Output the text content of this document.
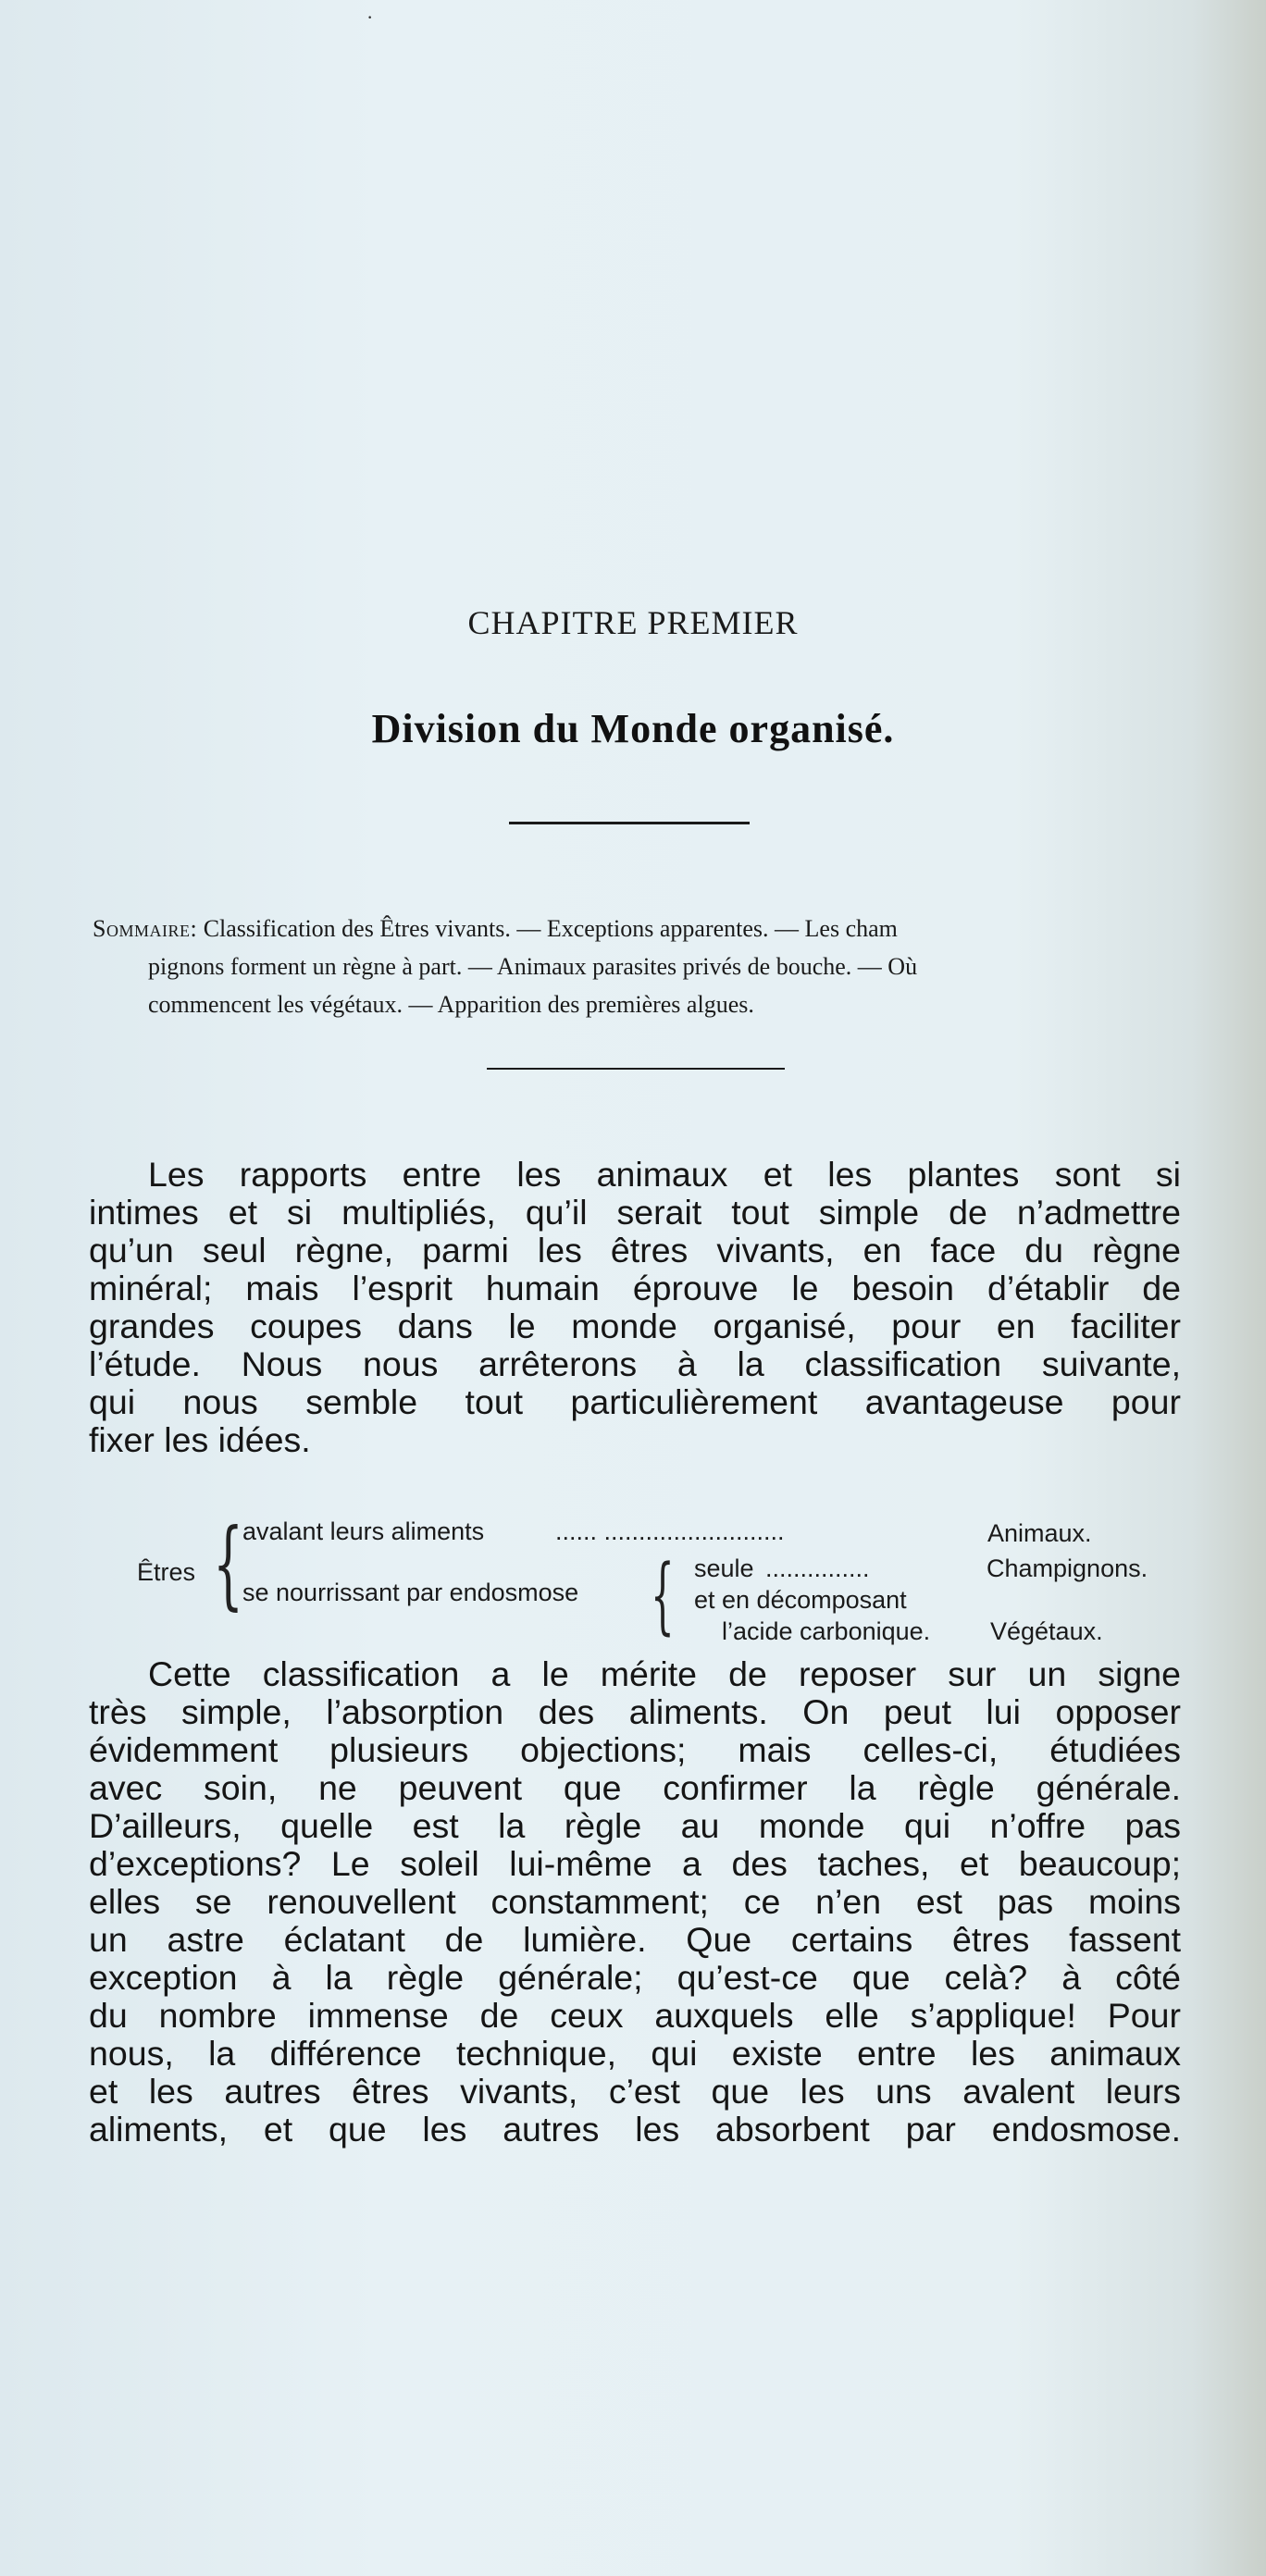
·
CHAPITRE PREMIER
Division du Monde organisé.

Sommaire: Classification des Êtres vivants. — Exceptions apparentes. — Les cham

pignons forment un règne à part. — Animaux parasites privés de bouche. — Où

commencent les végétaux. — Apparition des premières algues.

Les rapports entre les animaux et les plantes sont si
intimes et si multipliés, qu’il serait tout simple de n’admettre
qu’un seul règne, parmi les êtres vivants, en face du règne
minéral; mais l’esprit humain éprouve le besoin d’établir de
grandes coupes dans le monde organisé, pour en faciliter
l’étude. Nous nous arrêterons à la classification suivante,
qui nous semble tout particulièrement avantageuse pour
fixer les idées.
Êtres {
avalant leurs aliments	...... ..........................	Animaux.
se nourrissant par endosmose { seule ...............	Champignons.
et en décomposant
l’acide carbonique. Végétaux.
Cette classification a le mérite de reposer sur un signe
très simple, l’absorption des aliments. On peut lui opposer
évidemment plusieurs objections; mais celles-ci, étudiées
avec soin, ne peuvent que confirmer la règle générale.
D’ailleurs, quelle est la règle au monde qui n’offre pas
d’exceptions? Le soleil lui-même a des taches, et beaucoup;
elles se renouvellent constamment; ce n’en est pas moins
un astre éclatant de lumière. Que certains êtres fassent
exception à la règle générale; qu’est-ce que celà? à côté
du nombre immense de ceux auxquels elle s’applique! Pour
nous, la différence technique, qui existe entre les animaux
et les autres êtres vivants, c’est que les uns avalent leurs
aliments, et que les autres les absorbent par endosmose.
